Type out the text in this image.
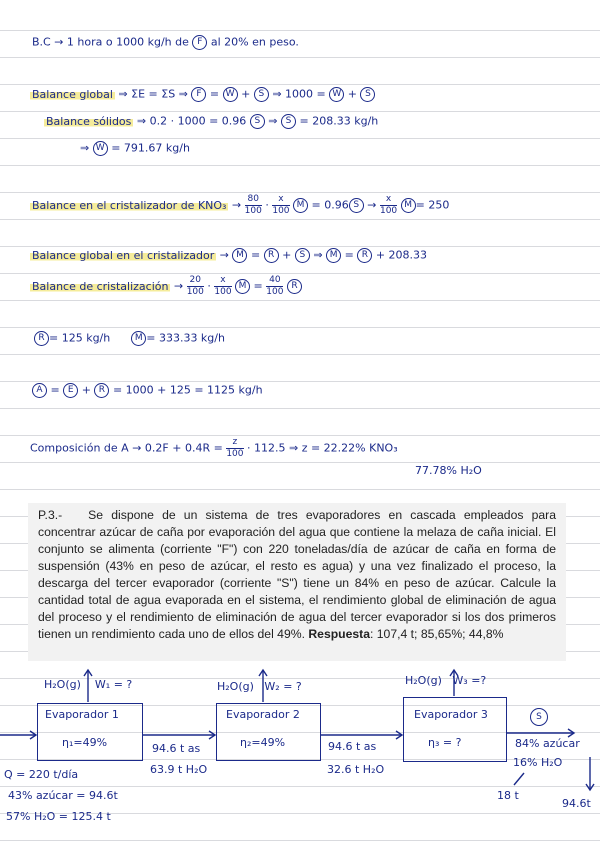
B.C → 1 hora o 1000 kg/h de F al 20% en peso.
Balance global ⇒ ΣE = ΣS ⇒ F = W + S ⇒ 1000 = W + S
Balance sólidos ⇒ 0.2 · 1000 = 0.96 S ⇒ S = 208.33 kg/h
⇒ W = 791.67 kg/h
Balance en el cristalizador de $KNO_3 \to \frac{80}{100} \cdot \frac{x}{100}$ M = 0.96 $S \to \frac{x}{100}$ M = 250
Balance global en el cristalizador → M = R + S ⇒ M = R + 208.33
Balance de cristalización → $\frac{20}{100} \cdot \frac{x}{100}$ $M = \frac{40}{100}$ R
R = 125 kg/h	M = 333.33 kg/h
A = E + R = 1000 + 125 = 1125 kg/h
Composición de $A \to 0.2F + 0.4R = \frac{z}{100} \cdot 112.5$ ⇒ z = 22.22% KNO₃
77.78% H₂O

P.3.- Se dispone de un sistema de tres evaporadores en cascada empleados para concentrar azúcar de caña por evaporación del agua que contiene la melaza de caña inicial. El conjunto se alimenta (corriente "F") con 220 toneladas/día de azúcar de caña en forma de suspensión (43% en peso de azúcar, el resto es agua) y una vez finalizado el proceso, la descarga del tercer evaporador (corriente "S") tiene un 84% en peso de azúcar. Calcule la cantidad total de agua evaporada en el sistema, el rendimiento global de eliminación de agua del proceso y el rendimiento de eliminación de agua del tercer evaporador si los dos primeros tienen un rendimiento cada uno de ellos del 49%. Respuesta: 107,4 t; 85,65%; 44,8%

Evaporador 1
η₁=49%
Evaporador 2
η₂=49%
Evaporador 3
η₃ = ?
H₂O(g) W₁ = ?	H₂O(g) W₂ = ?	H₂O(g) W₃ =?
S
94.6 t as
63.9 t H₂O
94.6 t as
32.6 t H₂O
84% azúcar
16% H₂O
18 t
94.6t
Q = 220 t/día
43% azúcar = 94.6t
57% H₂O = 125.4 t
